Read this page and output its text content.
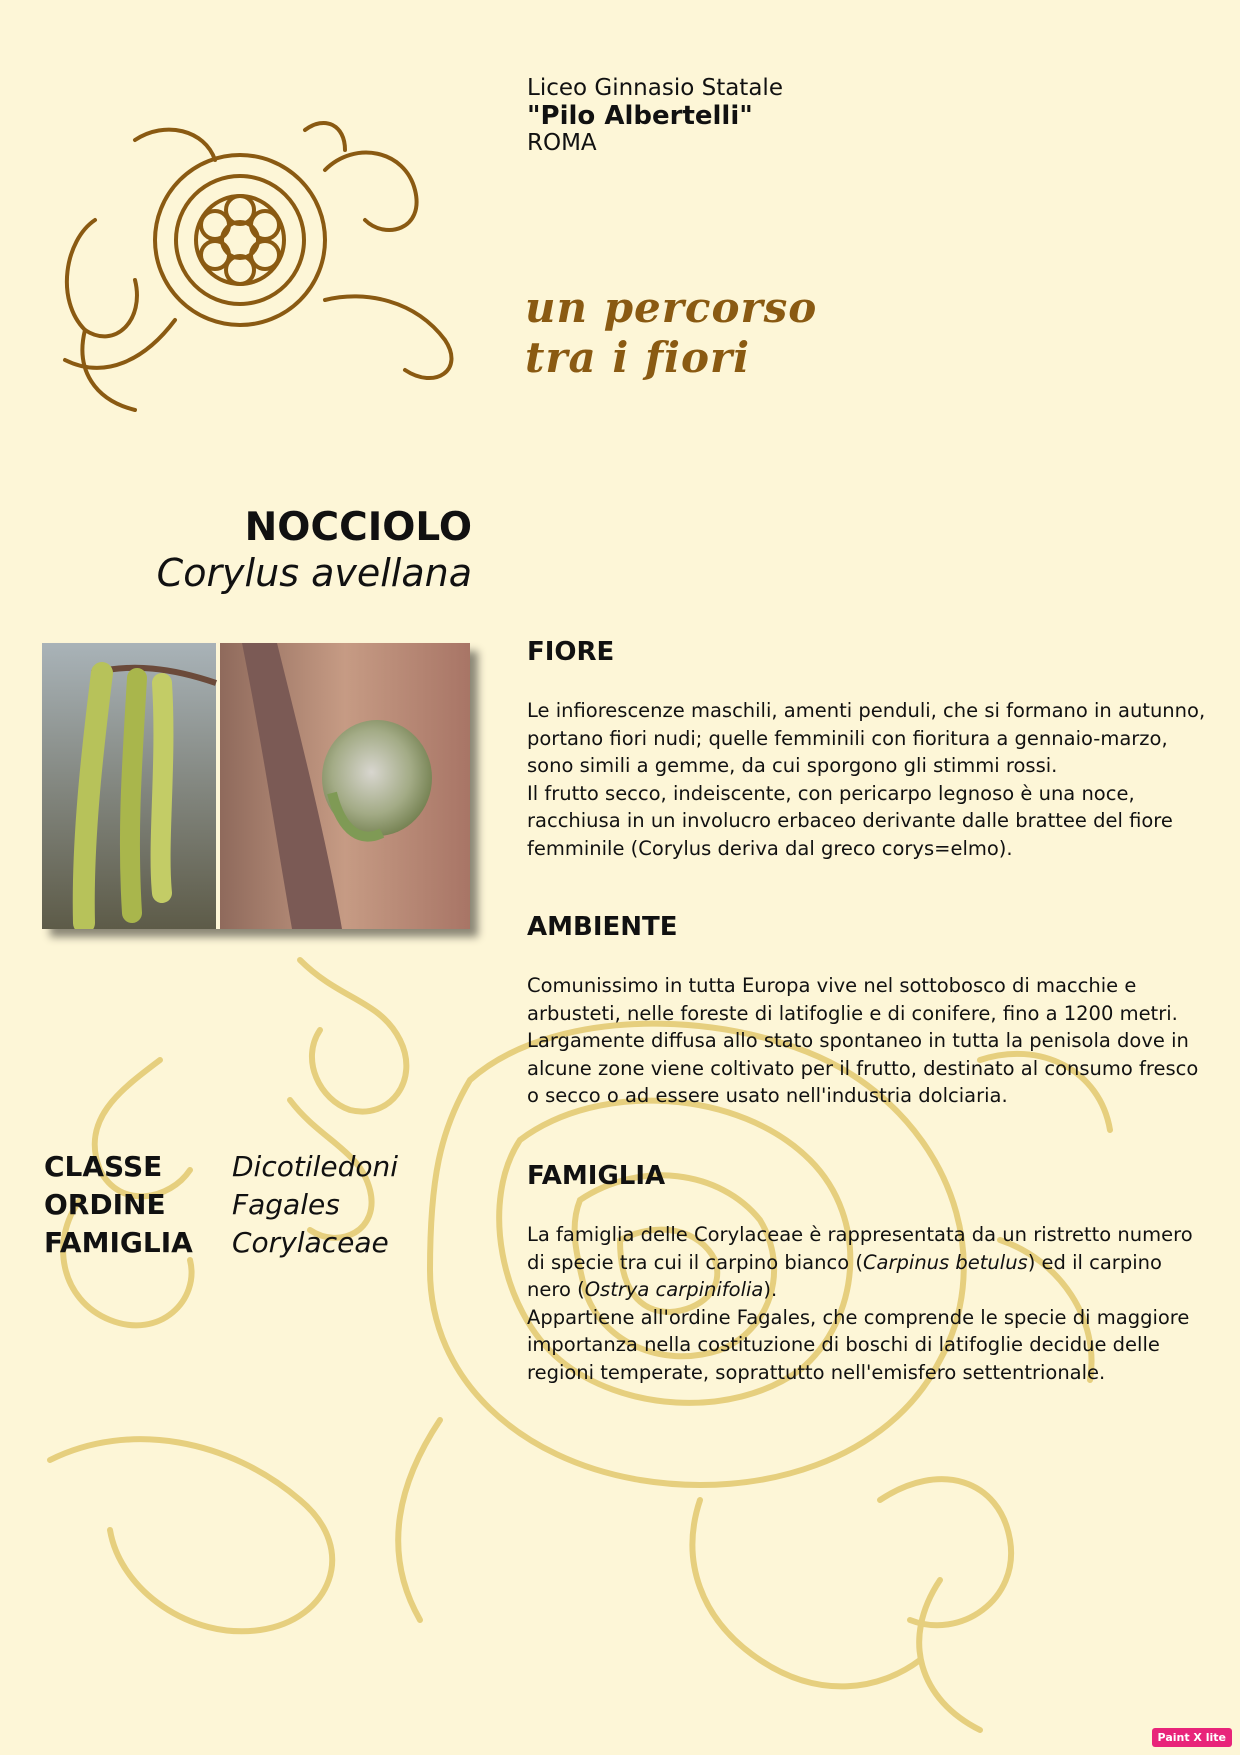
Liceo Ginnasio Statale
"Pilo Albertelli"
ROMA
un percorso
tra i fiori
NOCCIOLO
Corylus avellana
FIORE

Le infiorescenze maschili, amenti penduli, che si formano in autunno, portano fiori nudi; quelle femminili con fioritura a gennaio-marzo, sono simili a gemme, da cui sporgono gli stimmi rossi.

Il frutto secco, indeiscente, con pericarpo legnoso è una noce, racchiusa in un involucro erbaceo derivante dalle brattee del fiore femminile (Corylus deriva dal greco corys=elmo).

AMBIENTE

Comunissimo in tutta Europa vive nel sottobosco di macchie e arbusteti, nelle foreste di latifoglie e di conifere, fino a 1200 metri.

Largamente diffusa allo stato spontaneo in tutta la penisola dove in alcune zone viene coltivato per il frutto, destinato al consumo fresco o secco o ad essere usato nell'industria dolciaria.

FAMIGLIA

La famiglia delle Corylaceae è rappresentata da un ristretto numero di specie tra cui il carpino bianco (Carpinus betulus) ed il carpino nero (Ostrya carpinifolia).

Appartiene all'ordine Fagales, che comprende le specie di maggiore importanza nella costituzione di boschi di latifoglie decidue delle regioni temperate, soprattutto nell'emisfero settentrionale.

CLASSE	Dicotiledoni
ORDINE	Fagales
FAMIGLIA	Corylaceae
Paint X lite
